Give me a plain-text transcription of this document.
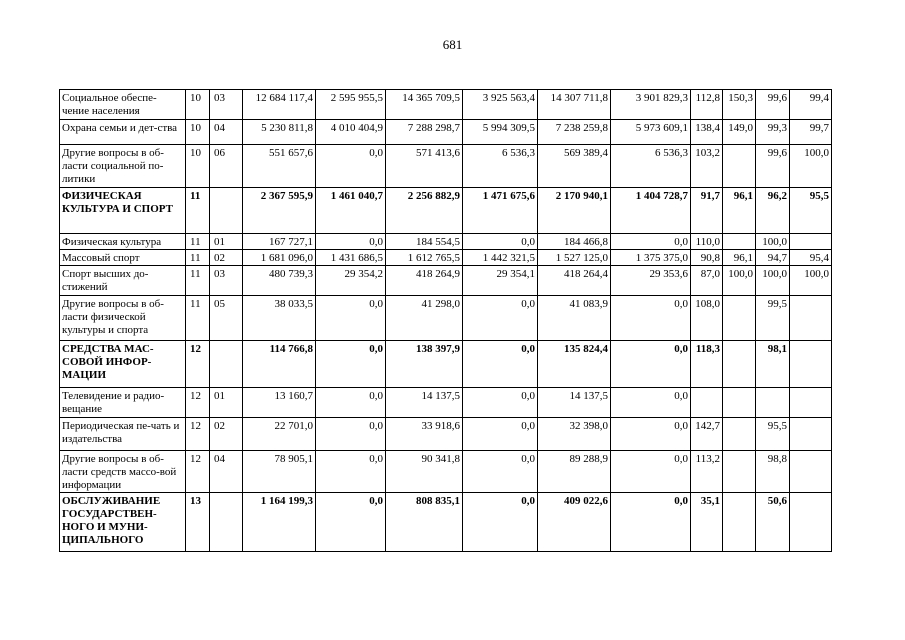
681
Социальное обеспе-чение населения	10	03	12 684 117,4	2 595 955,5	14 365 709,5	3 925 563,4	14 307 711,8	3 901 829,3	112,8	150,3	99,6	99,4
Охрана семьи и дет-ства	10	04	5 230 811,8	4 010 404,9	7 288 298,7	5 994 309,5	7 238 259,8	5 973 609,1	138,4	149,0	99,3	99,7
Другие вопросы в об-ласти социальной по-литики	10	06	551 657,6	0,0	571 413,6	6 536,3	569 389,4	6 536,3	103,2		99,6	100,0
ФИЗИЧЕСКАЯ КУЛЬТУРА И СПОРТ	11		2 367 595,9	1 461 040,7	2 256 882,9	1 471 675,6	2 170 940,1	1 404 728,7	91,7	96,1	96,2	95,5
Физическая культура	11	01	167 727,1	0,0	184 554,5	0,0	184 466,8	0,0	110,0		100,0	
Массовый спорт	11	02	1 681 096,0	1 431 686,5	1 612 765,5	1 442 321,5	1 527 125,0	1 375 375,0	90,8	96,1	94,7	95,4
Спорт высших до-стижений	11	03	480 739,3	29 354,2	418 264,9	29 354,1	418 264,4	29 353,6	87,0	100,0	100,0	100,0
Другие вопросы в об-ласти физической культуры и спорта	11	05	38 033,5	0,0	41 298,0	0,0	41 083,9	0,0	108,0		99,5	
СРЕДСТВА МАС-СОВОЙ ИНФОР-МАЦИИ	12		114 766,8	0,0	138 397,9	0,0	135 824,4	0,0	118,3		98,1	
Телевидение и радио-вещание	12	01	13 160,7	0,0	14 137,5	0,0	14 137,5	0,0				
Периодическая пе-чать и издательства	12	02	22 701,0	0,0	33 918,6	0,0	32 398,0	0,0	142,7		95,5	
Другие вопросы в об-ласти средств массо-вой информации	12	04	78 905,1	0,0	90 341,8	0,0	89 288,9	0,0	113,2		98,8	
ОБСЛУЖИВАНИЕ ГОСУДАРСТВЕН-НОГО И МУНИ-ЦИПАЛЬНОГО	13		1 164 199,3	0,0	808 835,1	0,0	409 022,6	0,0	35,1		50,6	
